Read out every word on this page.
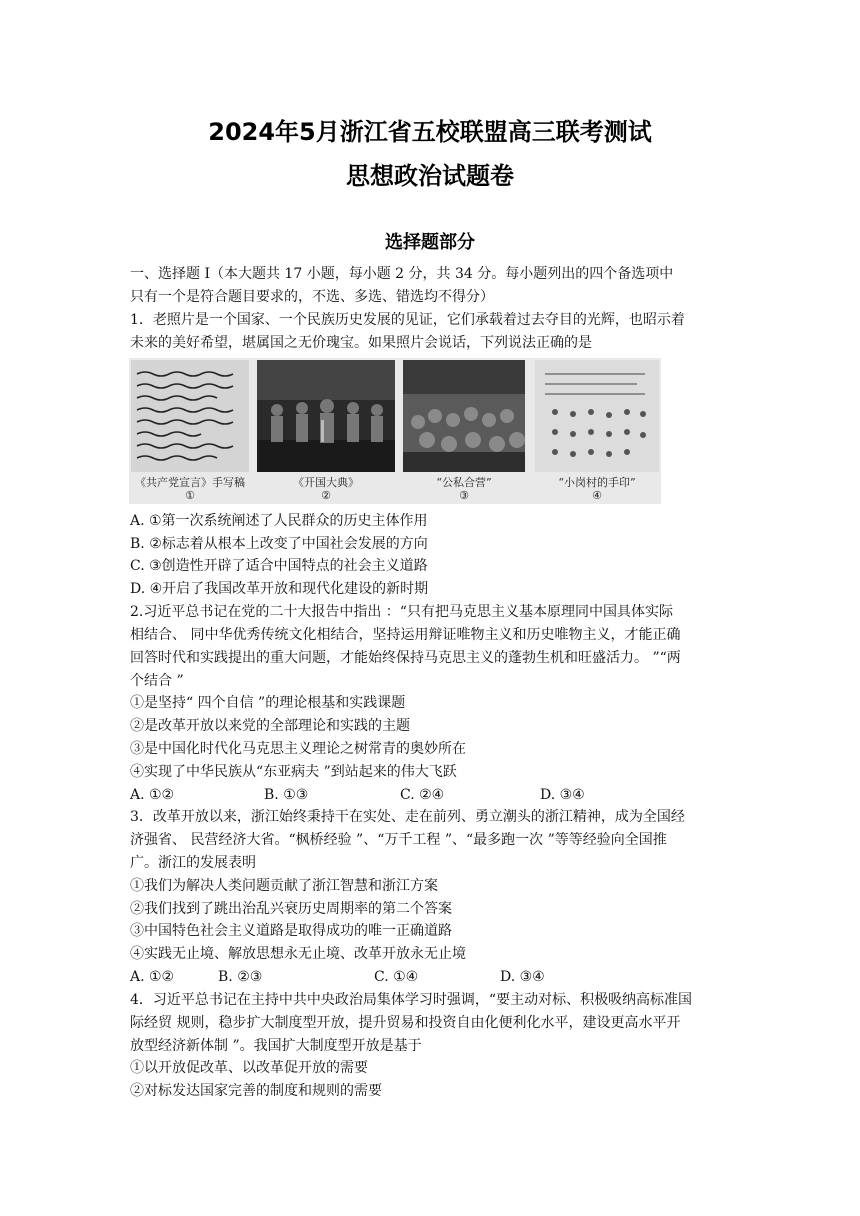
2024年5月浙江省五校联盟高三联考测试
思想政治试题卷
选择题部分
一、选择题 I（本大题共 17 小题，每小题 2 分，共 34 分。每小题列出的四个备选项中
只有一个是符合题目要求的，不选、多选、错选均不得分）
1．老照片是一个国家、一个民族历史发展的见证，它们承载着过去夺目的光辉，也昭示着
未来的美好希望，堪属国之无价瑰宝。如果照片会说话，下列说法正确的是
《共产党宣言》手写稿
①
《开国大典》
②
“公私合营”
③
“小岗村的手印”
④
A. ①第一次系统阐述了人民群众的历史主体作用
B. ②标志着从根本上改变了中国社会发展的方向
C. ③创造性开辟了适合中国特点的社会主义道路
D. ④开启了我国改革开放和现代化建设的新时期
2.习近平总书记在党的二十大报告中指出 ：“只有把马克思主义基本原理同中国具体实际
相结合、 同中华优秀传统文化相结合，坚持运用辩证唯物主义和历史唯物主义，才能正确
回答时代和实践提出的重大问题，才能始终保持马克思主义的蓬勃生机和旺盛活力。 ”“两
个结合 ”
①是坚持“ 四个自信 ”的理论根基和实践课题
②是改革开放以来党的全部理论和实践的主题
③是中国化时代化马克思主义理论之树常青的奥妙所在
④实现了中华民族从“东亚病夫 ”到站起来的伟大飞跃
A. ①②	B. ①③	C. ②④	D. ③④
3．改革开放以来，浙江始终秉持干在实处、走在前列、勇立潮头的浙江精神，成为全国经
济强省、 民营经济大省。“枫桥经验 ”、“万千工程 ”、“最多跑一次 ”等等经验向全国推
广。浙江的发展表明
①我们为解决人类问题贡献了浙江智慧和浙江方案
②我们找到了跳出治乱兴衰历史周期率的第二个答案
③中国特色社会主义道路是取得成功的唯一正确道路
④实践无止境、解放思想永无止境、改革开放永无止境
A. ①②	B. ②③	C. ①④	D. ③④
4．习近平总书记在主持中共中央政治局集体学习时强调，“要主动对标、积极吸纳高标准国
际经贸 规则，稳步扩大制度型开放，提升贸易和投资自由化便利化水平，建设更高水平开
放型经济新体制 ”。我国扩大制度型开放是基于
①以开放促改革、以改革促开放的需要
②对标发达国家完善的制度和规则的需要
